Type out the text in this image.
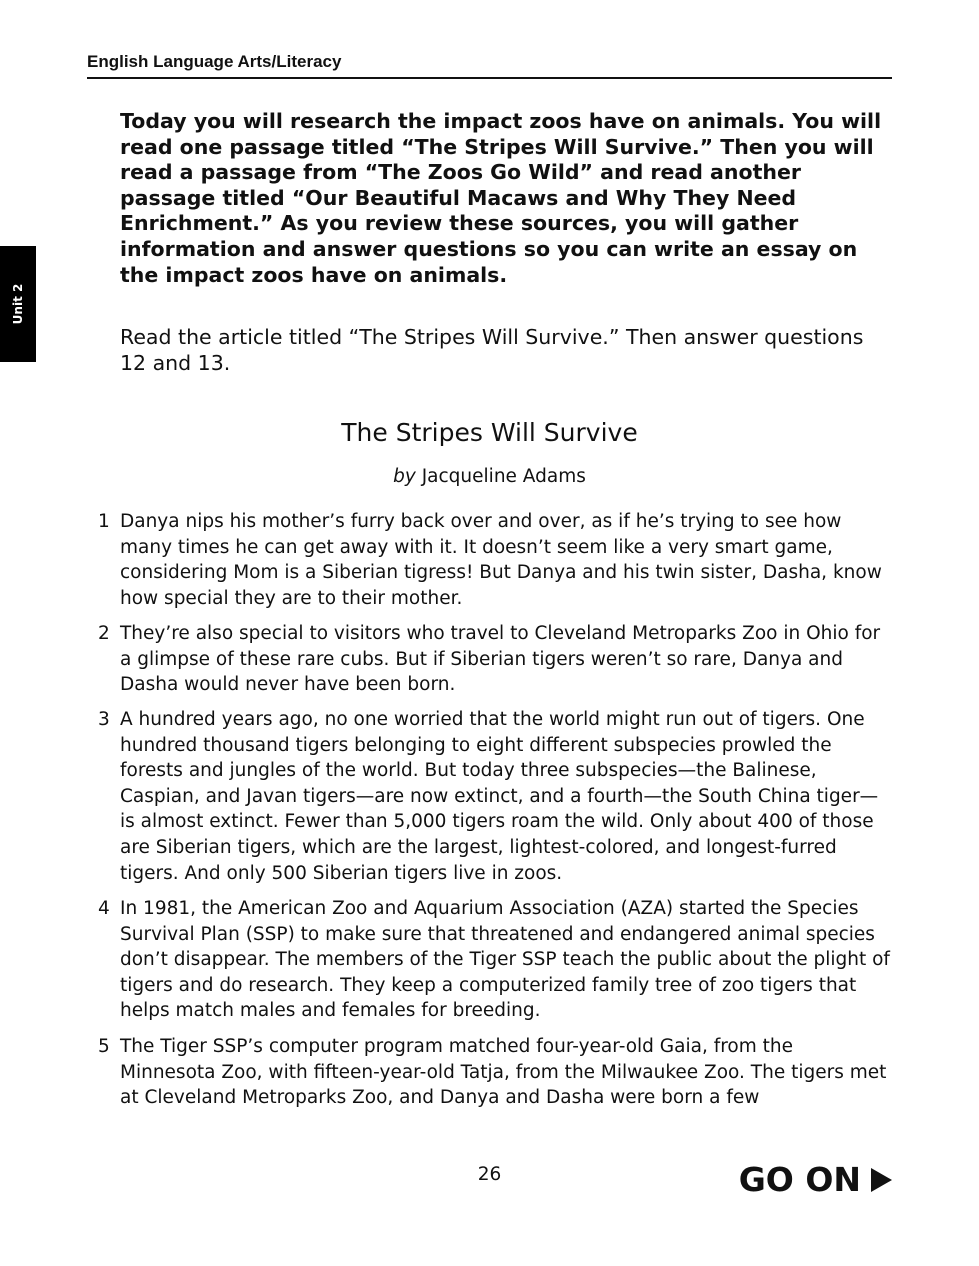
English Language Arts/Literacy
Unit 2

Today you will research the impact zoos have on animals. You will read one passage titled “The Stripes Will Survive.” Then you will read a passage from “The Zoos Go Wild” and read another passage titled “Our Beautiful Macaws and Why They Need Enrichment.” As you review these sources, you will gather information and answer questions so you can write an essay on the impact zoos have on animals.

Read the article titled “The Stripes Will Survive.” Then answer questions 12 and 13.

The Stripes Will Survive
by Jacqueline Adams
1 Danya nips his mother’s furry back over and over, as if he’s trying to see how many times he can get away with it. It doesn’t seem like a very smart game, considering Mom is a Siberian tigress! But Danya and his twin sister, Dasha, know how special they are to their mother.
2 They’re also special to visitors who travel to Cleveland Metroparks Zoo in Ohio for a glimpse of these rare cubs. But if Siberian tigers weren’t so rare, Danya and Dasha would never have been born.
3 A hundred years ago, no one worried that the world might run out of tigers. One hundred thousand tigers belonging to eight different subspecies prowled the forests and jungles of the world. But today three subspecies—the Balinese, Caspian, and Javan tigers—are now extinct, and a fourth—the South China tiger—is almost extinct. Fewer than 5,000 tigers roam the wild. Only about 400 of those are Siberian tigers, which are the largest, lightest-colored, and longest-furred tigers. And only 500 Siberian tigers live in zoos.
4 In 1981, the American Zoo and Aquarium Association (AZA) started the Species Survival Plan (SSP) to make sure that threatened and endangered animal species don’t disappear. The members of the Tiger SSP teach the public about the plight of tigers and do research. They keep a computerized family tree of zoo tigers that helps match males and females for breeding.
5 The Tiger SSP’s computer program matched four-year-old Gaia, from the Minnesota Zoo, with fifteen-year-old Tatja, from the Milwaukee Zoo. The tigers met at Cleveland Metroparks Zoo, and Danya and Dasha were born a few
26	GO ON
